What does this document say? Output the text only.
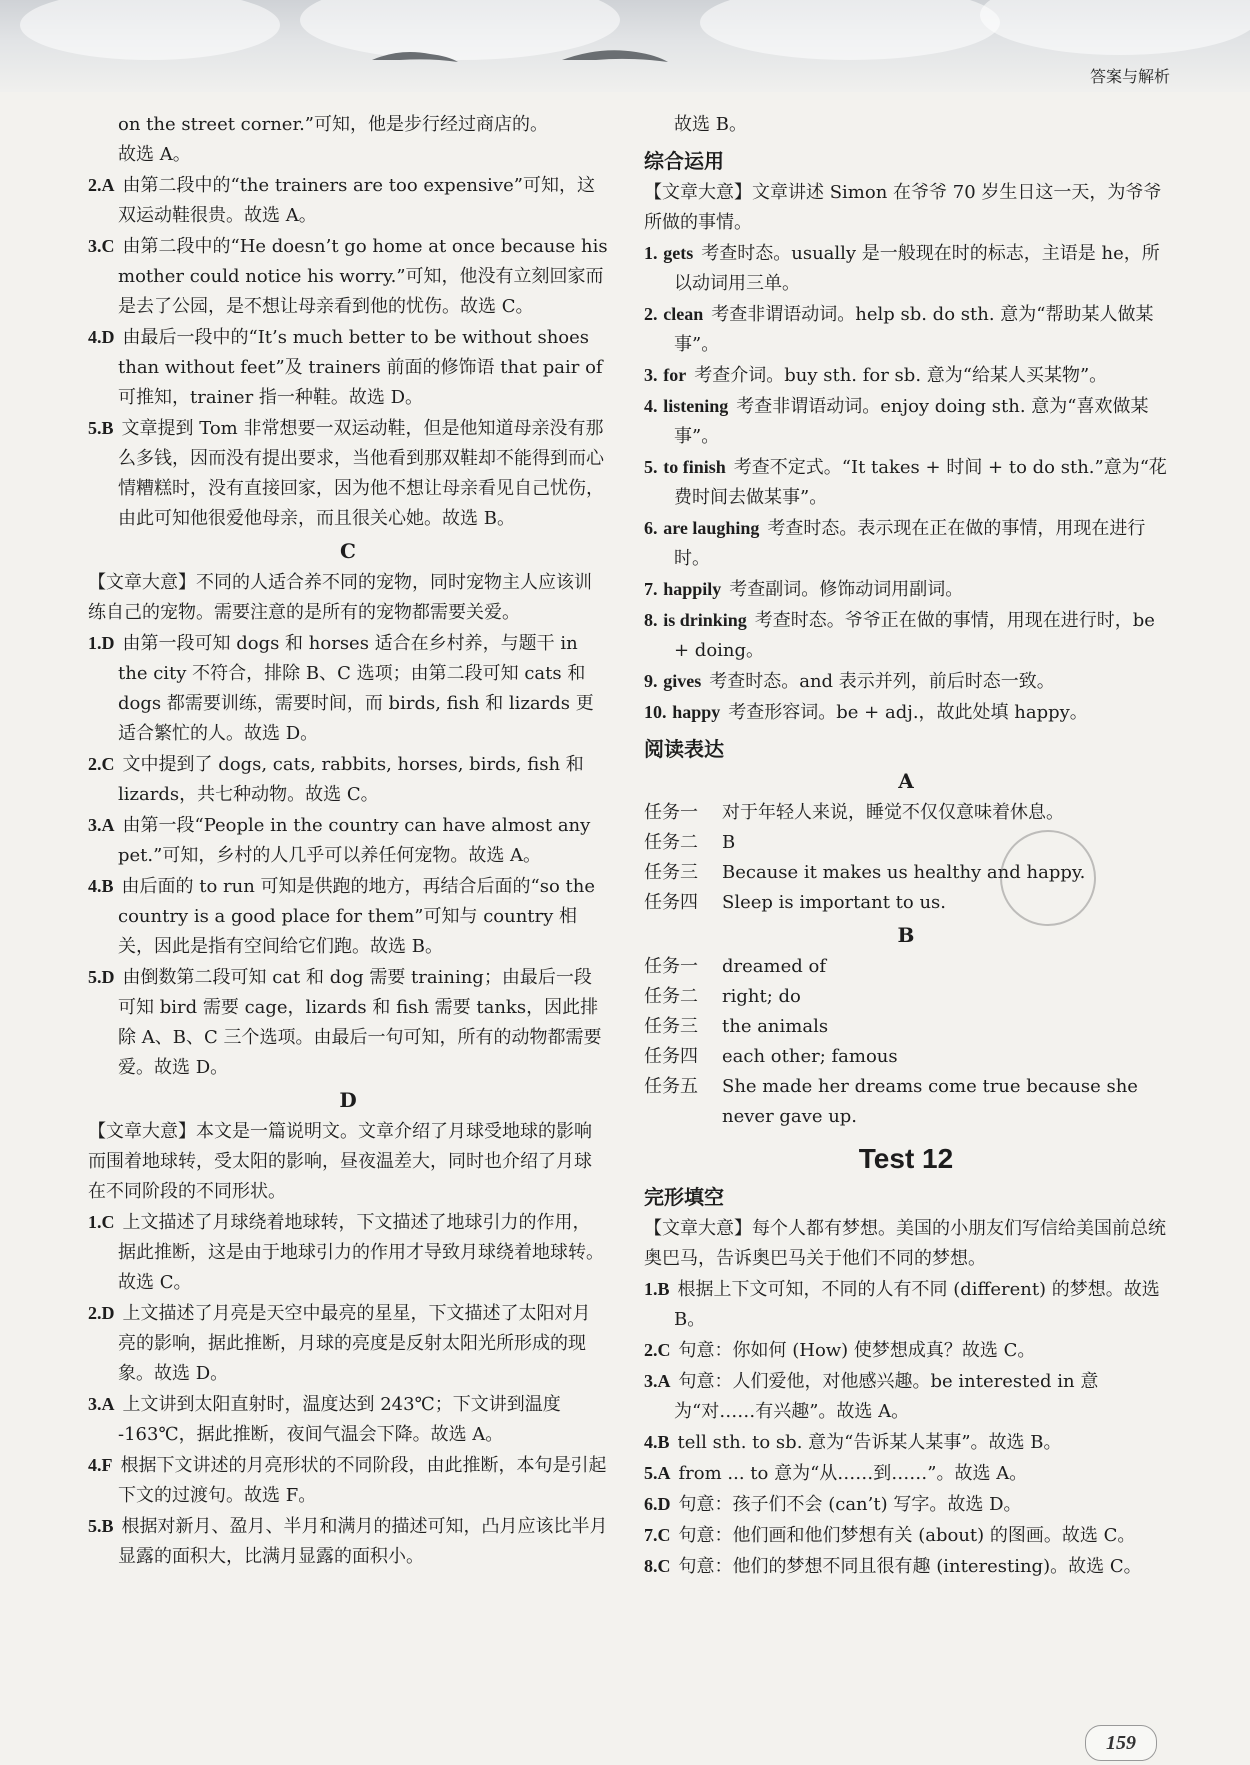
答案与解析

on the street corner.”可知，他是步行经过商店的。

故选 A。

2.A 由第二段中的“the trainers are too expensive”可知，这双运动鞋很贵。故选 A。

3.C 由第二段中的“He doesn’t go home at once because his mother could notice his worry.”可知，他没有立刻回家而是去了公园，是不想让母亲看到他的忧伤。故选 C。

4.D 由最后一段中的“It’s much better to be without shoes than without feet”及 trainers 前面的修饰语 that pair of 可推知，trainer 指一种鞋。故选 D。

5.B 文章提到 Tom 非常想要一双运动鞋，但是他知道母亲没有那么多钱，因而没有提出要求，当他看到那双鞋却不能得到而心情糟糕时，没有直接回家，因为他不想让母亲看见自己忧伤，由此可知他很爱他母亲，而且很关心她。故选 B。

C

【文章大意】不同的人适合养不同的宠物，同时宠物主人应该训练自己的宠物。需要注意的是所有的宠物都需要关爱。

1.D 由第一段可知 dogs 和 horses 适合在乡村养，与题干 in the city 不符合，排除 B、C 选项；由第二段可知 cats 和 dogs 都需要训练，需要时间，而 birds, fish 和 lizards 更适合繁忙的人。故选 D。

2.C 文中提到了 dogs, cats, rabbits, horses, birds, fish 和 lizards，共七种动物。故选 C。

3.A 由第一段“People in the country can have almost any pet.”可知，乡村的人几乎可以养任何宠物。故选 A。

4.B 由后面的 to run 可知是供跑的地方，再结合后面的“so the country is a good place for them”可知与 country 相关，因此是指有空间给它们跑。故选 B。

5.D 由倒数第二段可知 cat 和 dog 需要 training；由最后一段可知 bird 需要 cage，lizards 和 fish 需要 tanks，因此排除 A、B、C 三个选项。由最后一句可知，所有的动物都需要爱。故选 D。

D

【文章大意】本文是一篇说明文。文章介绍了月球受地球的影响而围着地球转，受太阳的影响，昼夜温差大，同时也介绍了月球在不同阶段的不同形状。

1.C 上文描述了月球绕着地球转，下文描述了地球引力的作用，据此推断，这是由于地球引力的作用才导致月球绕着地球转。故选 C。

2.D 上文描述了月亮是天空中最亮的星星，下文描述了太阳对月亮的影响，据此推断，月球的亮度是反射太阳光所形成的现象。故选 D。

3.A 上文讲到太阳直射时，温度达到 243℃；下文讲到温度 -163℃，据此推断，夜间气温会下降。故选 A。

4.F 根据下文讲述的月亮形状的不同阶段，由此推断，本句是引起下文的过渡句。故选 F。

5.B 根据对新月、盈月、半月和满月的描述可知，凸月应该比半月显露的面积大，比满月显露的面积小。

故选 B。

综合运用

【文章大意】文章讲述 Simon 在爷爷 70 岁生日这一天，为爷爷所做的事情。

1. gets 考查时态。usually 是一般现在时的标志，主语是 he，所以动词用三单。

2. clean 考查非谓语动词。help sb. do sth. 意为“帮助某人做某事”。

3. for 考查介词。buy sth. for sb. 意为“给某人买某物”。

4. listening 考查非谓语动词。enjoy doing sth. 意为“喜欢做某事”。

5. to finish 考查不定式。“It takes + 时间 + to do sth.”意为“花费时间去做某事”。

6. are laughing 考查时态。表示现在正在做的事情，用现在进行时。

7. happily 考查副词。修饰动词用副词。

8. is drinking 考查时态。爷爷正在做的事情，用现在进行时，be + doing。

9. gives 考查时态。and 表示并列，前后时态一致。

10. happy 考查形容词。be + adj.，故此处填 happy。

阅读表达
A
任务一	对于年轻人来说，睡觉不仅仅意味着休息。
任务二	B
任务三	Because it makes us healthy and happy.
任务四	Sleep is important to us.
B
任务一	dreamed of
任务二	right; do
任务三	the animals
任务四	each other; famous
任务五	She made her dreams come true because she never gave up.
Test 12
完形填空

【文章大意】每个人都有梦想。美国的小朋友们写信给美国前总统奥巴马，告诉奥巴马关于他们不同的梦想。

1.B 根据上下文可知，不同的人有不同 (different) 的梦想。故选 B。

2.C 句意：你如何 (How) 使梦想成真？故选 C。

3.A 句意：人们爱他，对他感兴趣。be interested in 意为“对……有兴趣”。故选 A。

4.B tell sth. to sb. 意为“告诉某人某事”。故选 B。

5.A from ... to 意为“从……到……”。故选 A。

6.D 句意：孩子们不会 (can’t) 写字。故选 D。

7.C 句意：他们画和他们梦想有关 (about) 的图画。故选 C。

8.C 句意：他们的梦想不同且很有趣 (interesting)。故选 C。

159
